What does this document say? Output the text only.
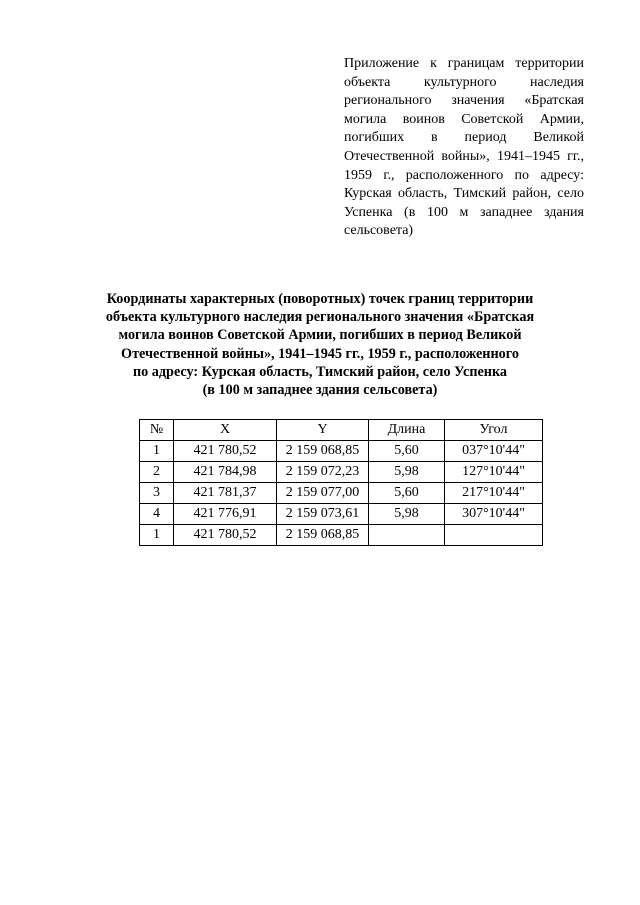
Приложение к границам территории объекта культурного наследия регионального значения «Братская могила воинов Советской Армии, погибших в период Великой Отечественной войны», 1941–1945 гг., 1959 г., расположенного по адресу: Курская область, Тимский район, село Успенка (в 100 м западнее здания сельсовета)
Координаты характерных (поворотных) точек границ территории
объекта культурного наследия регионального значения «Братская
могила воинов Советской Армии, погибших в период Великой
Отечественной войны», 1941–1945 гг., 1959 г., расположенного
по адресу: Курская область, Тимский район, село Успенка
(в 100 м западнее здания сельсовета)
№	X	Y	Длина	Угол
1	421 780,52	2 159 068,85	5,60	037°10'44"
2	421 784,98	2 159 072,23	5,98	127°10'44"
3	421 781,37	2 159 077,00	5,60	217°10'44"
4	421 776,91	2 159 073,61	5,98	307°10'44"
1	421 780,52	2 159 068,85		
